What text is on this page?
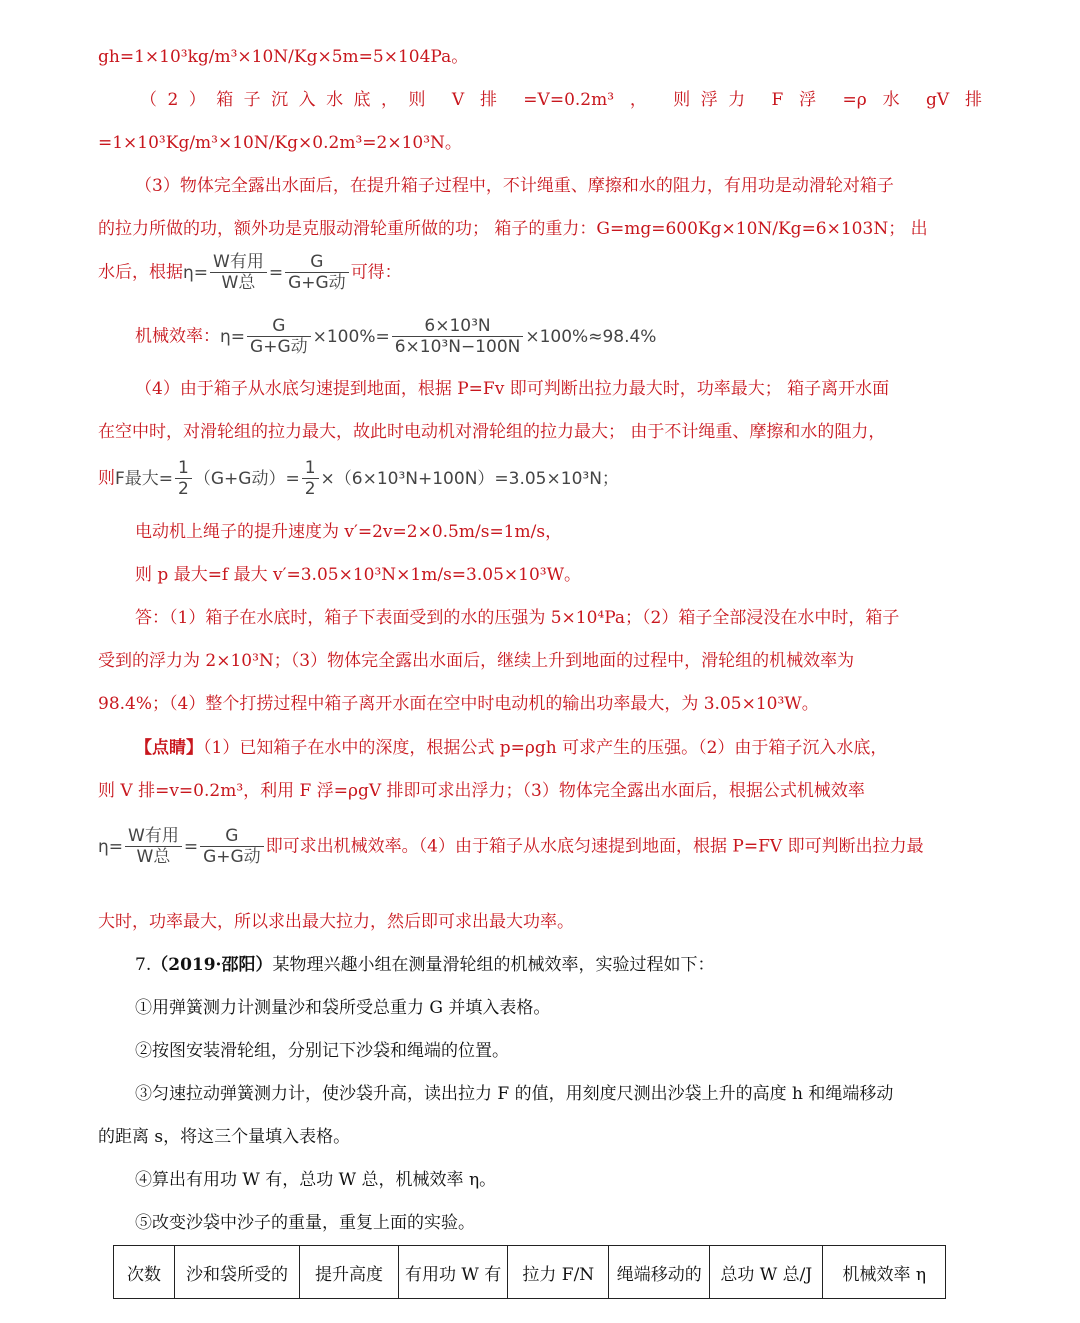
gh=1×10³kg/m³×10N/Kg×5m=5×104Pa。
（2）箱子沉入水底，则 V 排 =V=0.2m³ ， 则浮力 F 浮 =ρ 水 gV 排
=1×10³Kg/m³×10N/Kg×0.2m³=2×10³N。
（3）物体完全露出水面后，在提升箱子过程中，不计绳重、摩擦和水的阻力，有用功是动滑轮对箱子
的拉力所做的功，额外功是克服动滑轮重所做的功； 箱子的重力：G=mg=600Kg×10N/Kg=6×103N； 出
水后，根据$\eta= \frac{\text{W有用}}{\text{W总}} = \frac{G}{\text{G+G动}}$ 可得：
机械效率：$\eta= \frac{G}{\text{G+G动}} \times 100\%= \frac{\text{6×10³N}}{\text{6×10³N−100N}} \times 100\%\approx 98.4\%$
（4）由于箱子从水底匀速提到地面，根据 P=Fv 即可判断出拉力最大时，功率最大； 箱子离开水面
在空中时，对滑轮组的拉力最大，故此时电动机对滑轮组的拉力最大； 由于不计绳重、摩擦和水的阻力，
则F最大= $\frac{1}{2} (G+G$动）= $\frac{1}{2} \times(6\times 10^3N+100N)=3.05\times 10^3N$；
电动机上绳子的提升速度为 v′=2v=2×0.5m/s=1m/s，
则 p 最大=f 最大 v′=3.05×10³N×1m/s=3.05×10³W。
答：（1）箱子在水底时，箱子下表面受到的水的压强为 5×10⁴Pa；（2）箱子全部浸没在水中时，箱子
受到的浮力为 2×10³N；（3）物体完全露出水面后，继续上升到地面的过程中，滑轮组的机械效率为
98.4%；（4）整个打捞过程中箱子离开水面在空中时电动机的输出功率最大，为 3.05×10³W。
【点睛】（1）已知箱子在水中的深度，根据公式 p=ρgh 可求产生的压强。（2）由于箱子沉入水底，
则 V 排=v=0.2m³，利用 F 浮=ρgV 排即可求出浮力；（3）物体完全露出水面后，根据公式机械效率
$\eta= \frac{\text{W有用}}{\text{W总}} = \frac{G}{\text{G+G动}}$ 即可求出机械效率。（4）由于箱子从水底匀速提到地面，根据 P=FV 即可判断出拉力最
大时，功率最大，所以求出最大拉力，然后即可求出最大功率。
7.（2019·邵阳）某物理兴趣小组在测量滑轮组的机械效率，实验过程如下：
①用弹簧测力计测量沙和袋所受总重力 G 并填入表格。
②按图安装滑轮组，分别记下沙袋和绳端的位置。
③匀速拉动弹簧测力计，使沙袋升高，读出拉力 F 的值，用刻度尺测出沙袋上升的高度 h 和绳端移动
的距离 s，将这三个量填入表格。
④算出有用功 W 有，总功 W 总，机械效率 η。
⑤改变沙袋中沙子的重量，重复上面的实验。
次数	沙和袋所受的	提升高度	有用功 W 有	拉力 F/N	绳端移动的	总功 W 总/J	机械效率 η
